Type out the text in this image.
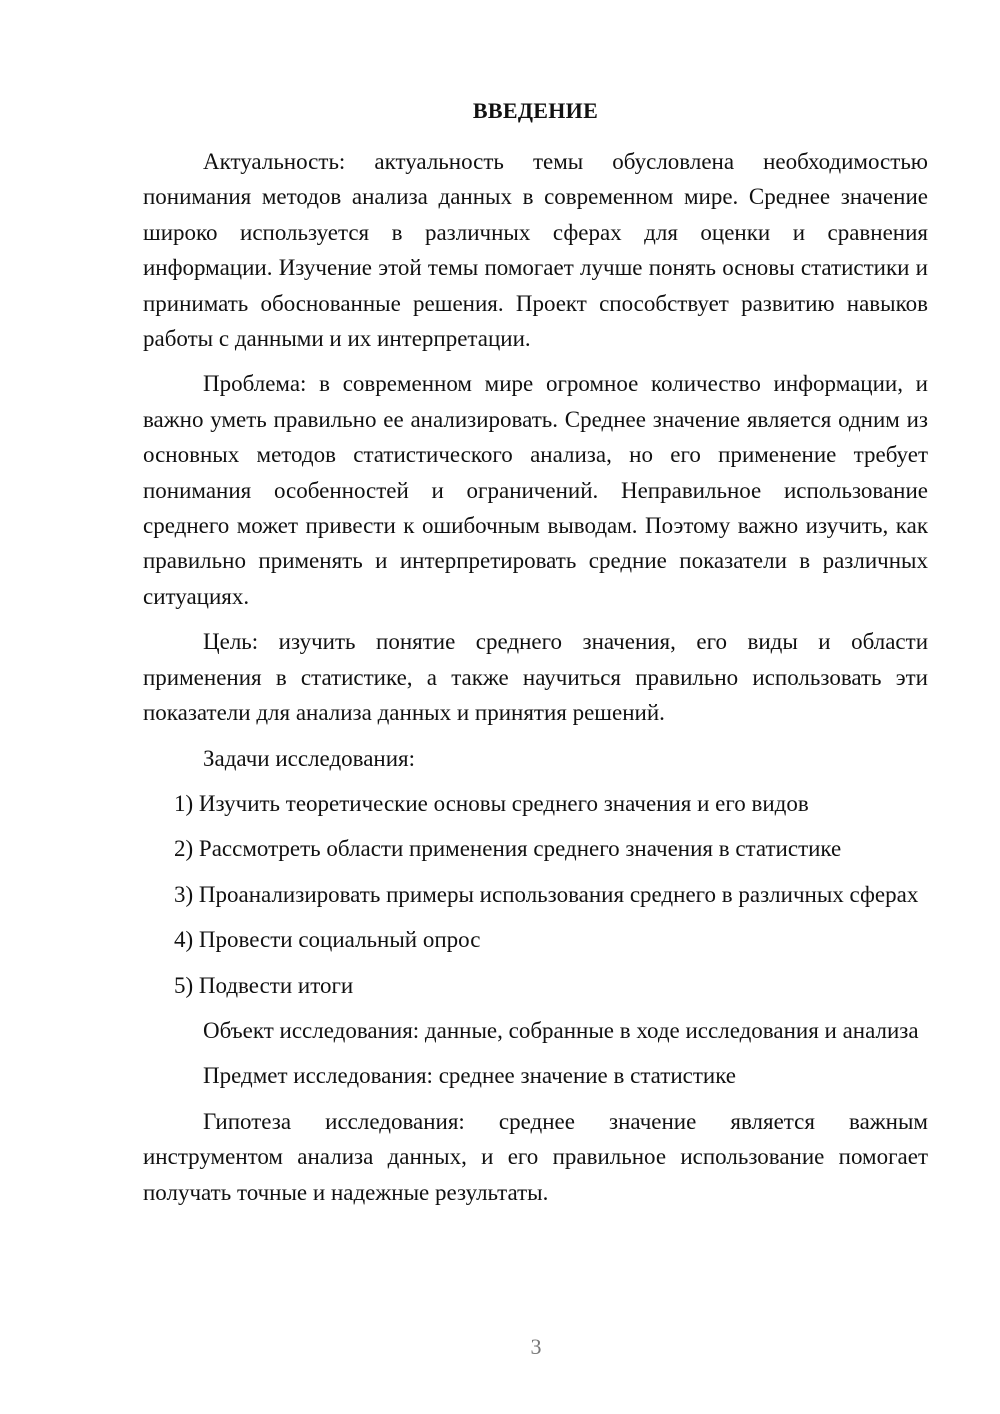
ВВЕДЕНИЕ

Актуальность: актуальность темы обусловлена необходимостью понимания методов анализа данных в современном мире. Среднее значение широко используется в различных сферах для оценки и сравнения информации. Изучение этой темы помогает лучше понять основы статистики и принимать обоснованные решения. Проект способствует развитию навыков работы с данными и их интерпретации.

Проблема: в современном мире огромное количество информации, и важно уметь правильно ее анализировать. Среднее значение является одним из основных методов статистического анализа, но его применение требует понимания особенностей и ограничений. Неправильное использование среднего может привести к ошибочным выводам. Поэтому важно изучить, как правильно применять и интерпретировать средние показатели в различных ситуациях.

Цель: изучить понятие среднего значения, его виды и области применения в статистике, а также научиться правильно использовать эти показатели для анализа данных и принятия решений.

Задачи исследования:

1) Изучить теоретические основы среднего значения и его видов

2) Рассмотреть области применения среднего значения в статистике

3) Проанализировать примеры использования среднего в различных сферах

4) Провести социальный опрос

5) Подвести итоги

Объект исследования: данные, собранные в ходе исследования и анализа

Предмет исследования: среднее значение в статистике

Гипотеза исследования: среднее значение является важным инструментом анализа данных, и его правильное использование помогает получать точные и надежные результаты.

3
